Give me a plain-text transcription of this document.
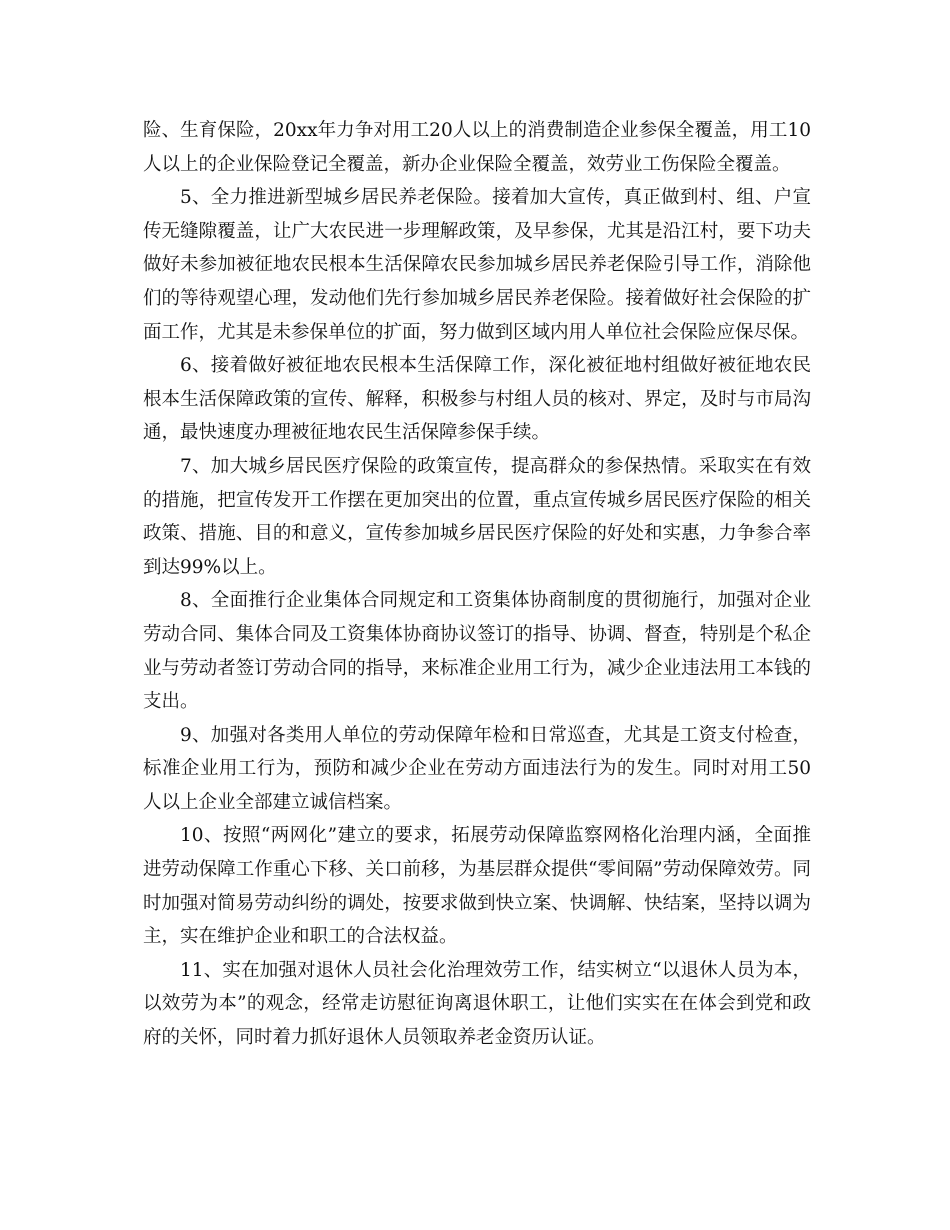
险、生育保险，20xx年力争对用工20人以上的消费制造企业参保全覆盖，用工10人以上的企业保险登记全覆盖，新办企业保险全覆盖，效劳业工伤保险全覆盖。

5、全力推进新型城乡居民养老保险。接着加大宣传，真正做到村、组、户宣传无缝隙覆盖，让广大农民进一步理解政策，及早参保，尤其是沿江村，要下功夫做好未参加被征地农民根本生活保障农民参加城乡居民养老保险引导工作，消除他们的等待观望心理，发动他们先行参加城乡居民养老保险。接着做好社会保险的扩面工作，尤其是未参保单位的扩面，努力做到区域内用人单位社会保险应保尽保。

6、接着做好被征地农民根本生活保障工作，深化被征地村组做好被征地农民根本生活保障政策的宣传、解释，积极参与村组人员的核对、界定，及时与市局沟通，最快速度办理被征地农民生活保障参保手续。

7、加大城乡居民医疗保险的政策宣传，提高群众的参保热情。采取实在有效的措施，把宣传发开工作摆在更加突出的位置，重点宣传城乡居民医疗保险的相关政策、措施、目的和意义，宣传参加城乡居民医疗保险的好处和实惠，力争参合率到达99%以上。

8、全面推行企业集体合同规定和工资集体协商制度的贯彻施行，加强对企业劳动合同、集体合同及工资集体协商协议签订的指导、协调、督查，特别是个私企业与劳动者签订劳动合同的指导，来标准企业用工行为，减少企业违法用工本钱的支出。

9、加强对各类用人单位的劳动保障年检和日常巡查，尤其是工资支付检查，标准企业用工行为，预防和减少企业在劳动方面违法行为的发生。同时对用工50人以上企业全部建立诚信档案。

10、按照“两网化”建立的要求，拓展劳动保障监察网格化治理内涵，全面推进劳动保障工作重心下移、关口前移，为基层群众提供“零间隔”劳动保障效劳。同时加强对简易劳动纠纷的调处，按要求做到快立案、快调解、快结案，坚持以调为主，实在维护企业和职工的合法权益。

11、实在加强对退休人员社会化治理效劳工作，结实树立“以退休人员为本，以效劳为本”的观念，经常走访慰征询离退休职工，让他们实实在在体会到党和政府的关怀，同时着力抓好退休人员领取养老金资历认证。
